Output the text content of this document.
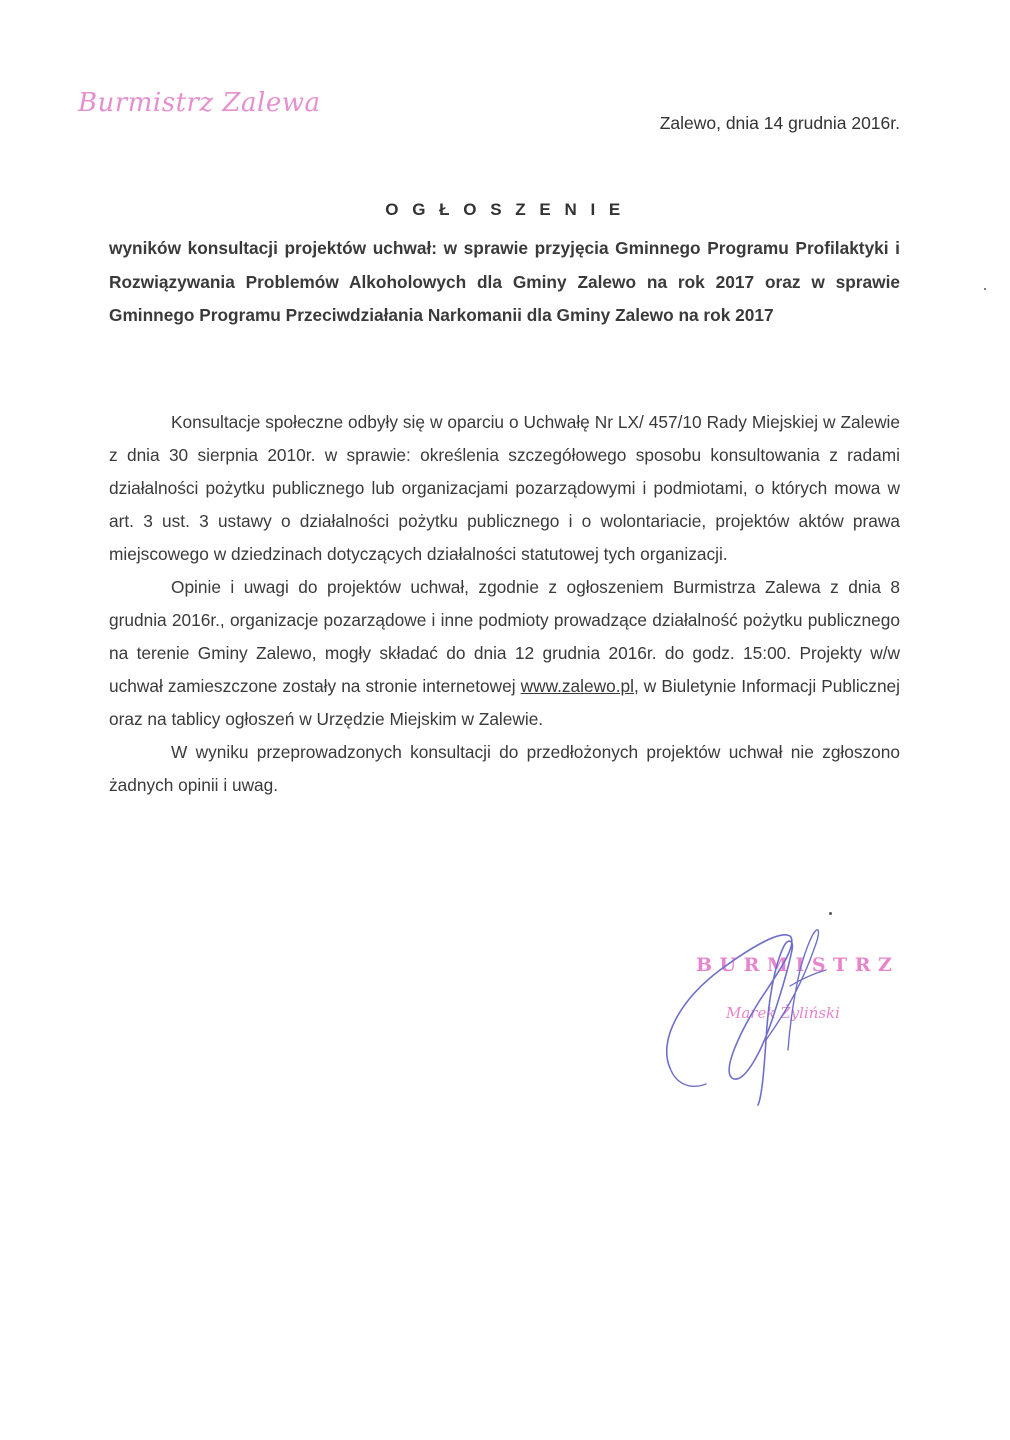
Burmistrz Zalewa
Zalewo, dnia 14 grudnia 2016r.
O G Ł O S Z E N I E
wyników konsultacji projektów uchwał: w sprawie przyjęcia Gminnego Programu Profilaktyki i Rozwiązywania Problemów Alkoholowych dla Gminy Zalewo na rok 2017 oraz w sprawie Gminnego Programu Przeciwdziałania Narkomanii dla Gminy Zalewo na rok 2017

Konsultacje społeczne odbyły się w oparciu o Uchwałę Nr LX/ 457/10 Rady Miejskiej w Zalewie z dnia 30 sierpnia 2010r. w sprawie: określenia szczegółowego sposobu konsultowania z radami działalności pożytku publicznego lub organizacjami pozarządowymi i podmiotami, o których mowa w art. 3 ust. 3 ustawy o działalności pożytku publicznego i o wolontariacie, projektów aktów prawa miejscowego w dziedzinach dotyczących działalności statutowej tych organizacji.

Opinie i uwagi do projektów uchwał, zgodnie z ogłoszeniem Burmistrza Zalewa z dnia 8 grudnia 2016r., organizacje pozarządowe i inne podmioty prowadzące działalność pożytku publicznego na terenie Gminy Zalewo, mogły składać do dnia 12 grudnia 2016r. do godz. 15:00. Projekty w/w uchwał zamieszczone zostały na stronie internetowej www.zalewo.pl, w Biuletynie Informacji Publicznej oraz na tablicy ogłoszeń w Urzędzie Miejskim w Zalewie.

W wyniku przeprowadzonych konsultacji do przedłożonych projektów uchwał nie zgłoszono żadnych opinii i uwag.

BURMISTRZ
Marek Żyliński
